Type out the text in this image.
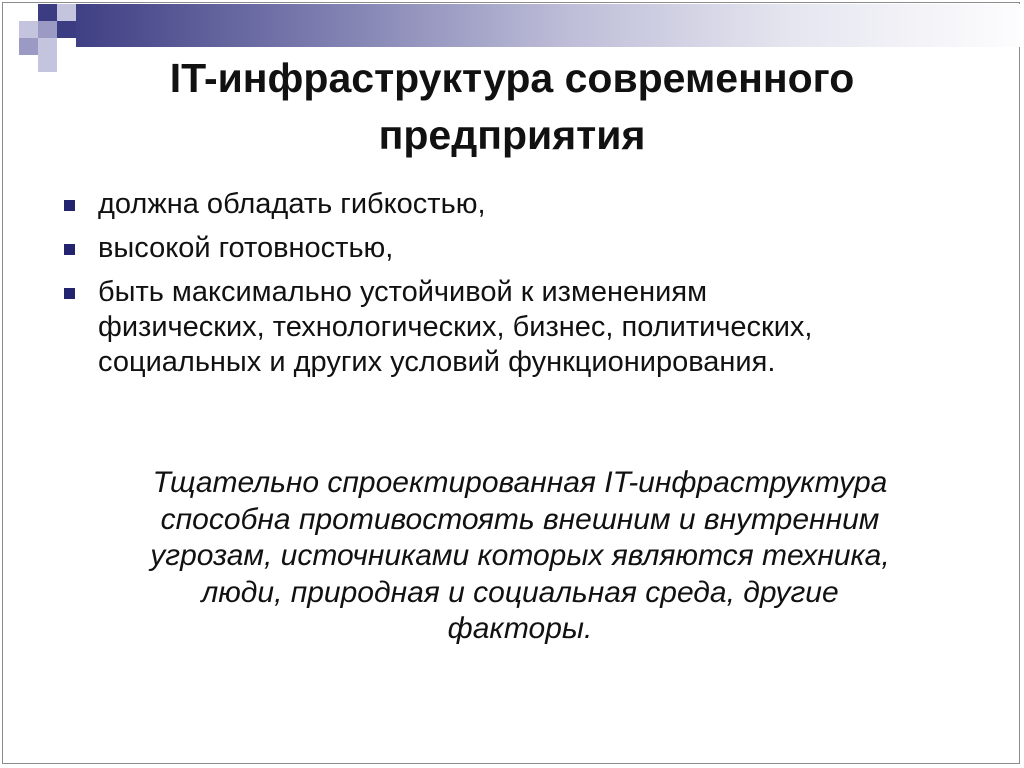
IT-инфраструктура современного
предприятия
должна обладать гибкостью,
высокой готовностью,
быть максимально устойчивой к изменениям
физических, технологических, бизнес, политических,
социальных и других условий функционирования.

Тщательно спроектированная IT-инфраструктура
способна противостоять внешним и внутренним
угрозам, источниками которых являются техника,
люди, природная и социальная среда, другие
факторы.
